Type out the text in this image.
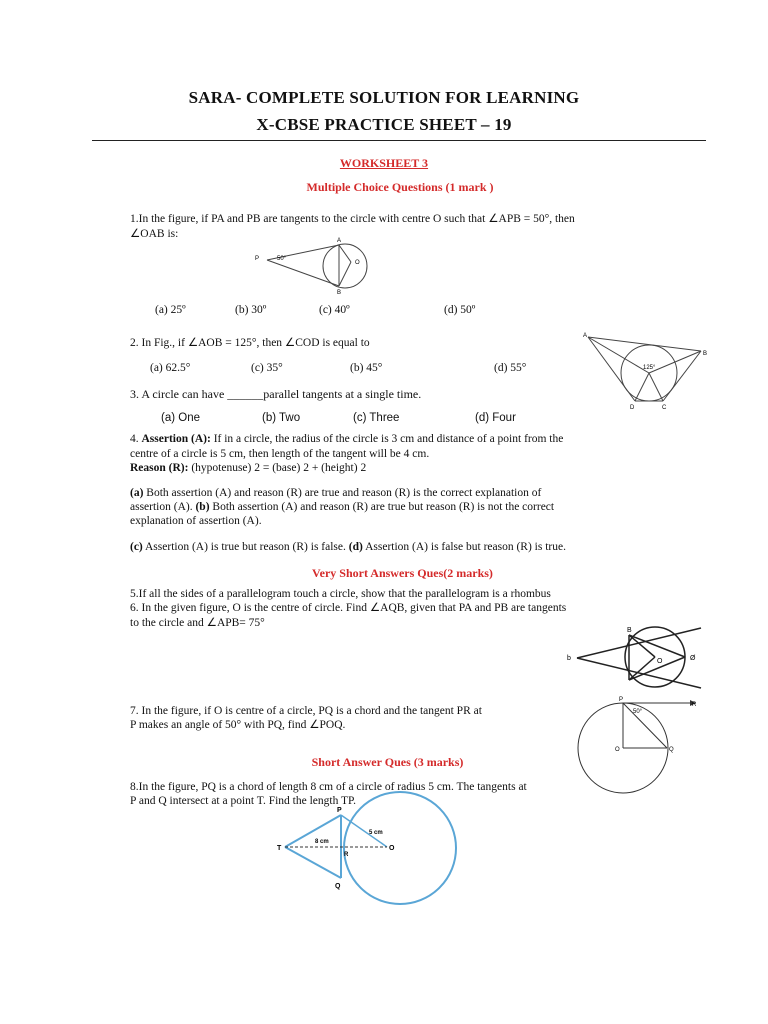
SARA- COMPLETE SOLUTION FOR LEARNING
X-CBSE PRACTICE SHEET – 19
WORKSHEET 3
Multiple Choice Questions (1 mark )
1.In the figure, if PA and PB are tangents to the circle with centre O such that ∠APB = 50°, then
∠OAB is:
P
A
B
O
50°
(a) 25º	(b) 30º	(c) 40º	(d) 50º
2. In Fig., if ∠AOB = 125°, then ∠COD is equal to
(a) 62.5°	(c) 35°	(b) 45°	(d) 55°
A
B
D	C
125°
3. A circle can have ______parallel tangents at a single time.
(a) One	(b) Two	(c) Three	(d) Four
4. Assertion (A): If in a circle, the radius of the circle is 3 cm and distance of a point from the
centre of a circle is 5 cm, then length of the tangent will be 4 cm.
Reason (R): (hypotenuse) 2 = (base) 2 + (height) 2
(a) Both assertion (A) and reason (R) are true and reason (R) is the correct explanation of
assertion (A). (b) Both assertion (A) and reason (R) are true but reason (R) is not the correct
explanation of assertion (A).
(c) Assertion (A) is true but reason (R) is false. (d) Assertion (A) is false but reason (R) is true.
Very Short Answers Ques(2 marks)
5.If all the sides of a parallelogram touch a circle, show that the parallelogram is a rhombus
6. In the given figure, O is the centre of circle. Find ∠AQB, given that PA and PB are tangents
to the circle and ∠APB= 75°
b
B
O	Ø
7. In the figure, if O is centre of a circle, PQ is a chord and the tangent PR at
P makes an angle of 50° with PQ, find ∠POQ.
P
R
O	Q
50°
Short Answer Ques (3 marks)
8.In the figure, PQ is a chord of length 8 cm of a circle of radius 5 cm. The tangents at
P and Q intersect at a point T. Find the length TP.
P
Q
T	O
R
5 cm
8 cm
